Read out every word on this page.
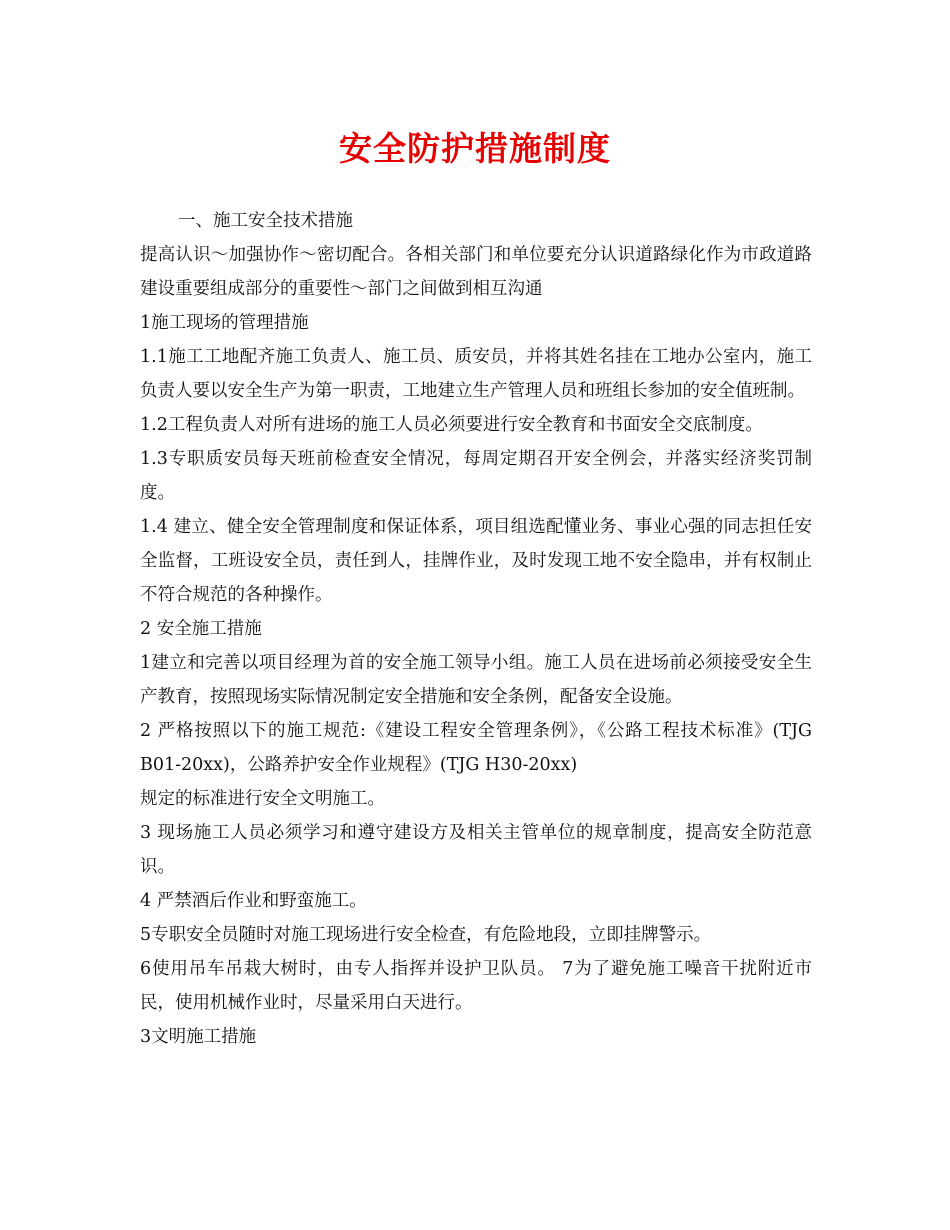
安全防护措施制度

一、施工安全技术措施

提高认识～加强协作～密切配合。各相关部门和单位要充分认识道路绿化作为市政道路建设重要组成部分的重要性～部门之间做到相互沟通

1施工现场的管理措施

1.1施工工地配齐施工负责人、施工员、质安员，并将其姓名挂在工地办公室内，施工负责人要以安全生产为第一职责，工地建立生产管理人员和班组长参加的安全值班制。

1.2工程负责人对所有进场的施工人员必须要进行安全教育和书面安全交底制度。

1.3专职质安员每天班前检查安全情况，每周定期召开安全例会，并落实经济奖罚制度。

1.4 建立、健全安全管理制度和保证体系，项目组选配懂业务、事业心强的同志担任安全监督，工班设安全员，责任到人，挂牌作业，及时发现工地不安全隐串，并有权制止不符合规范的各种操作。

2 安全施工措施

1建立和完善以项目经理为首的安全施工领导小组。施工人员在进场前必须接受安全生产教育，按照现场实际情况制定安全措施和安全条例，配备安全设施。

2 严格按照以下的施工规范:《建设工程安全管理条例》，《公路工程技术标准》(TJG B01-20xx)，公路养护安全作业规程》(TJG H30-20xx)

规定的标准进行安全文明施工。

3 现场施工人员必须学习和遵守建设方及相关主管单位的规章制度，提高安全防范意识。

4 严禁酒后作业和野蛮施工。

5专职安全员随时对施工现场进行安全检查，有危险地段，立即挂牌警示。

6使用吊车吊栽大树时，由专人指挥并设护卫队员。 7为了避免施工噪音干扰附近市民，使用机械作业时，尽量采用白天进行。

3文明施工措施
